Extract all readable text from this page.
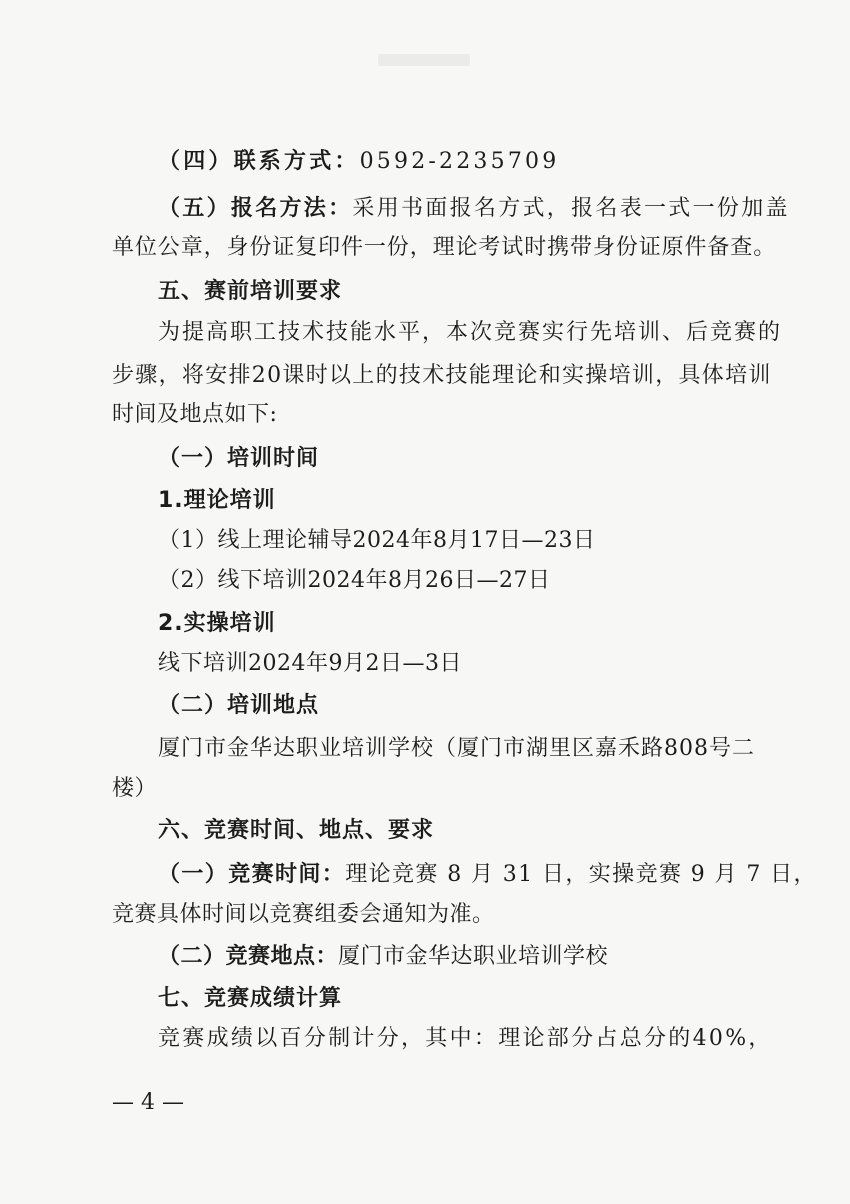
（四）联系方式：0592-2235709
（五）报名方法：采用书面报名方式，报名表一式一份加盖
单位公章，身份证复印件一份，理论考试时携带身份证原件备查。
五、赛前培训要求
为提高职工技术技能水平，本次竞赛实行先培训、后竞赛的
步骤，将安排20课时以上的技术技能理论和实操培训，具体培训
时间及地点如下:
（一）培训时间
1.理论培训
（1）线上理论辅导2024年8月17日—23日
（2）线下培训2024年8月26日—27日
2.实操培训
线下培训2024年9月2日—3日
（二）培训地点
厦门市金华达职业培训学校（厦门市湖里区嘉禾路808号二
楼）
六、竞赛时间、地点、要求
（一）竞赛时间：理论竞赛 8 月 31 日，实操竞赛 9 月 7 日，
竞赛具体时间以竞赛组委会通知为准。
（二）竞赛地点：厦门市金华达职业培训学校
七、竞赛成绩计算
竞赛成绩以百分制计分，其中：理论部分占总分的40%，
— 4 —
